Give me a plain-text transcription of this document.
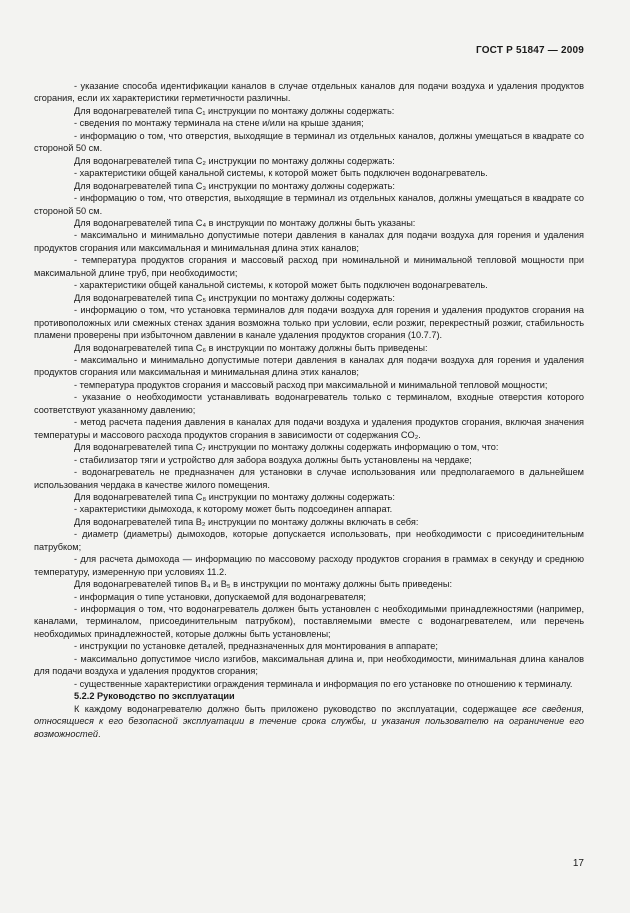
ГОСТ Р 51847 — 2009

- указание способа идентификации каналов в случае отдельных каналов для подачи воздуха и удаления продуктов сгорания, если их характеристики герметичности различны.

Для водонагревателей типа C₁ инструкции по монтажу должны содержать:

- сведения по монтажу терминала на стене и/или на крыше здания;

- информацию о том, что отверстия, выходящие в терминал из отдельных каналов, должны умещаться в квадрате со стороной 50 см.

Для водонагревателей типа C₂ инструкции по монтажу должны содержать:

- характеристики общей канальной системы, к которой может быть подключен водонагреватель.

Для водонагревателей типа C₃ инструкции по монтажу должны содержать:

- информацию о том, что отверстия, выходящие в терминал из отдельных каналов, должны умещаться в квадрате со стороной 50 см.

Для водонагревателей типа C₄ в инструкции по монтажу должны быть указаны:

- максимально и минимально допустимые потери давления в каналах для подачи воздуха для горения и удаления продуктов сгорания или максимальная и минимальная длина этих каналов;

- температура продуктов сгорания и массовый расход при номинальной и минимальной тепловой мощности при максимальной длине труб, при необходимости;

- характеристики общей канальной системы, к которой может быть подключен водонагреватель.

Для водонагревателей типа C₅ инструкции по монтажу должны содержать:

- информацию о том, что установка терминалов для подачи воздуха для горения и удаления продуктов сгорания на противоположных или смежных стенах здания возможна только при условии, если розжиг, перекрестный розжиг, стабильность пламени проверены при избыточном давлении в канале удаления продуктов сгорания (10.7.7).

Для водонагревателей типа C₆ в инструкции по монтажу должны быть приведены:

- максимально и минимально допустимые потери давления в каналах для подачи воздуха для горения и удаления продуктов сгорания или максимальная и минимальная длина этих каналов;

- температура продуктов сгорания и массовый расход при максимальной и минимальной тепловой мощности;

- указание о необходимости устанавливать водонагреватель только с терминалом, входные отверстия которого соответствуют указанному давлению;

- метод расчета падения давления в каналах для подачи воздуха и удаления продуктов сгорания, включая значения температуры и массового расхода продуктов сгорания в зависимости от содержания CO₂.

Для водонагревателей типа C₇ инструкции по монтажу должны содержать информацию о том, что:

- стабилизатор тяги и устройство для забора воздуха должны быть установлены на чердаке;

- водонагреватель не предназначен для установки в случае использования или предполагаемого в дальнейшем использования чердака в качестве жилого помещения.

Для водонагревателей типа C₈ инструкции по монтажу должны содержать:

- характеристики дымохода, к которому может быть подсоединен аппарат.

Для водонагревателей типа B₂ инструкции по монтажу должны включать в себя:

- диаметр (диаметры) дымоходов, которые допускается использовать, при необходимости с присоединительным патрубком;

- для расчета дымохода — информацию по массовому расходу продуктов сгорания в граммах в секунду и среднюю температуру, измеренную при условиях 11.2.

Для водонагревателей типов B₄ и B₅ в инструкции по монтажу должны быть приведены:

- информация о типе установки, допускаемой для водонагревателя;

- информация о том, что водонагреватель должен быть установлен с необходимыми принадлежностями (например, каналами, терминалом, присоединительным патрубком), поставляемыми вместе с водонагревателем, или перечень необходимых принадлежностей, которые должны быть установлены;

- инструкции по установке деталей, предназначенных для монтирования в аппарате;

- максимально допустимое число изгибов, максимальная длина и, при необходимости, минимальная длина каналов для подачи воздуха и удаления продуктов сгорания;

- существенные характеристики ограждения терминала и информация по его установке по отношению к терминалу.

5.2.2 Руководство по эксплуатации

К каждому водонагревателю должно быть приложено руководство по эксплуатации, содержащее все сведения, относящиеся к его безопасной эксплуатации в течение срока службы, и указания пользователю на ограничение его возможностей.

17
